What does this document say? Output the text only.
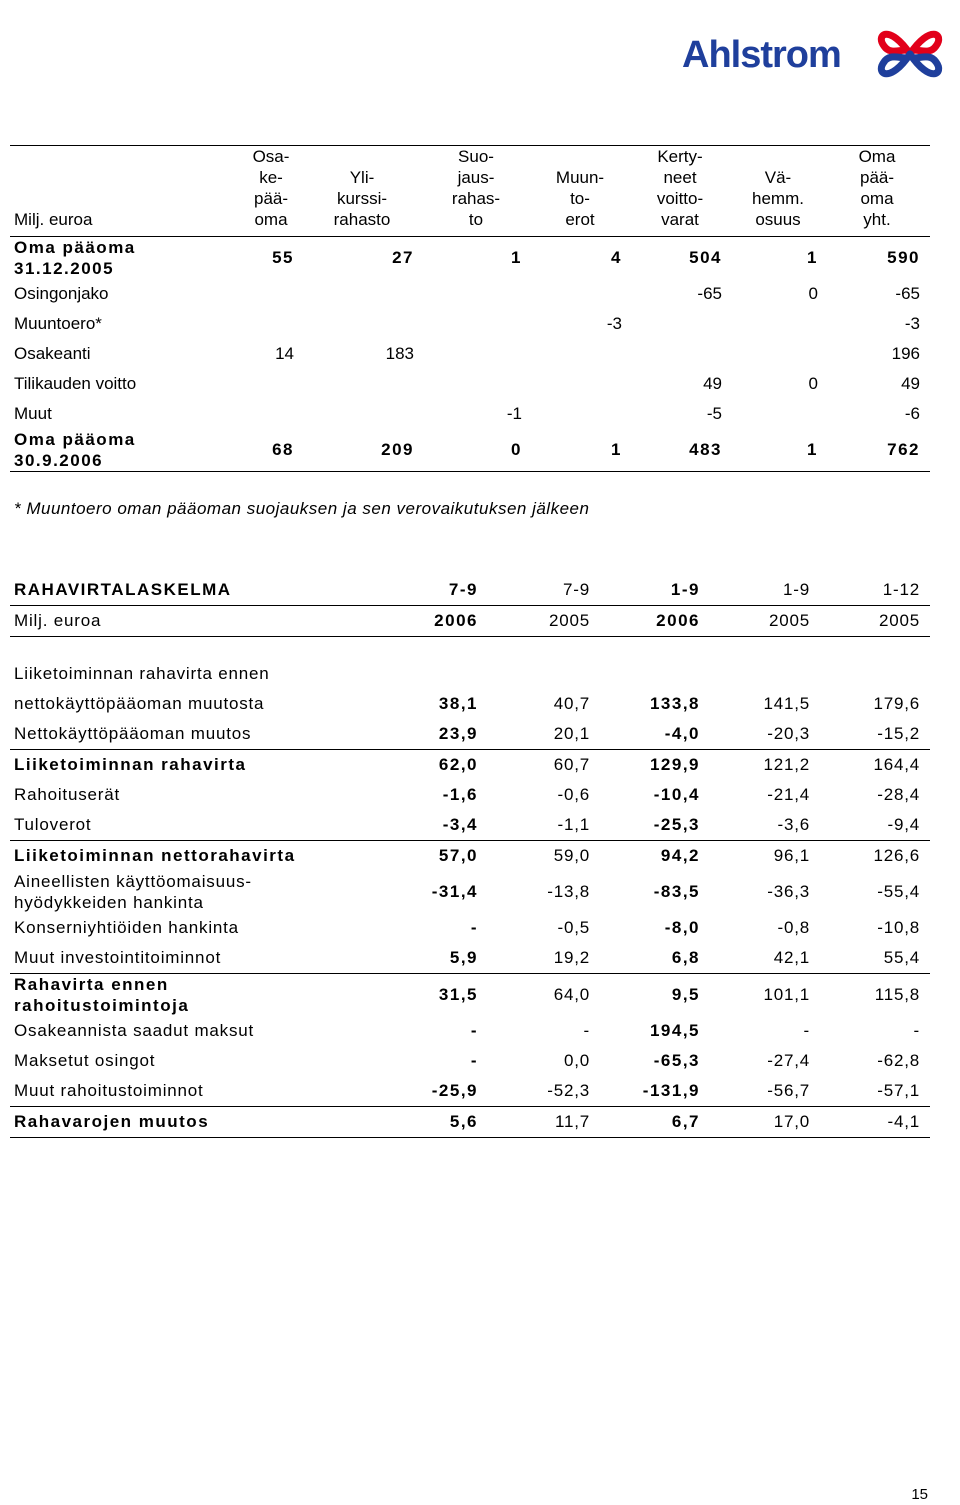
Ahlstrom
Milj. euroa	Osa-
ke-
pää-
oma	Yli-
kurssi-
rahasto	Suo-
jaus-
rahas-
to	Muun-
to-
erot	Kerty-
neet
voitto-
varat	Vä-
hemm.
osuus	Oma
pää-
oma
yht.
Oma pääoma
31.12.2005	55	27	1	4	504	1	590
Osingonjako					-65	0	-65
Muuntoero*				-3			-3
Osakeanti	14	183					196
Tilikauden voitto					49	0	49
Muut			-1		-5		-6
Oma pääoma
30.9.2006	68	209	0	1	483	1	762
* Muuntoero oman pääoman suojauksen ja sen verovaikutuksen jälkeen
RAHAVIRTALASKELMA	7-9	7-9	1-9	1-9	1-12
Milj. euroa	2006	2005	2006	2005	2005

Liiketoiminnan rahavirta ennen					
nettokäyttöpääoman muutosta	38,1	40,7	133,8	141,5	179,6
Nettokäyttöpääoman muutos	23,9	20,1	-4,0	-20,3	-15,2
Liiketoiminnan rahavirta	62,0	60,7	129,9	121,2	164,4
Rahoituserät	-1,6	-0,6	-10,4	-21,4	-28,4
Tuloverot	-3,4	-1,1	-25,3	-3,6	-9,4
Liiketoiminnan nettorahavirta	57,0	59,0	94,2	96,1	126,6
Aineellisten käyttöomaisuus-
hyödykkeiden hankinta	-31,4	-13,8	-83,5	-36,3	-55,4
Konserniyhtiöiden hankinta	-	-0,5	-8,0	-0,8	-10,8
Muut investointitoiminnot	5,9	19,2	6,8	42,1	55,4
Rahavirta ennen
rahoitustoimintoja	31,5	64,0	9,5	101,1	115,8
Osakeannista saadut maksut	-	-	194,5	-	-
Maksetut osingot	-	0,0	-65,3	-27,4	-62,8
Muut rahoitustoiminnot	-25,9	-52,3	-131,9	-56,7	-57,1
Rahavarojen muutos	5,6	11,7	6,7	17,0	-4,1
15
